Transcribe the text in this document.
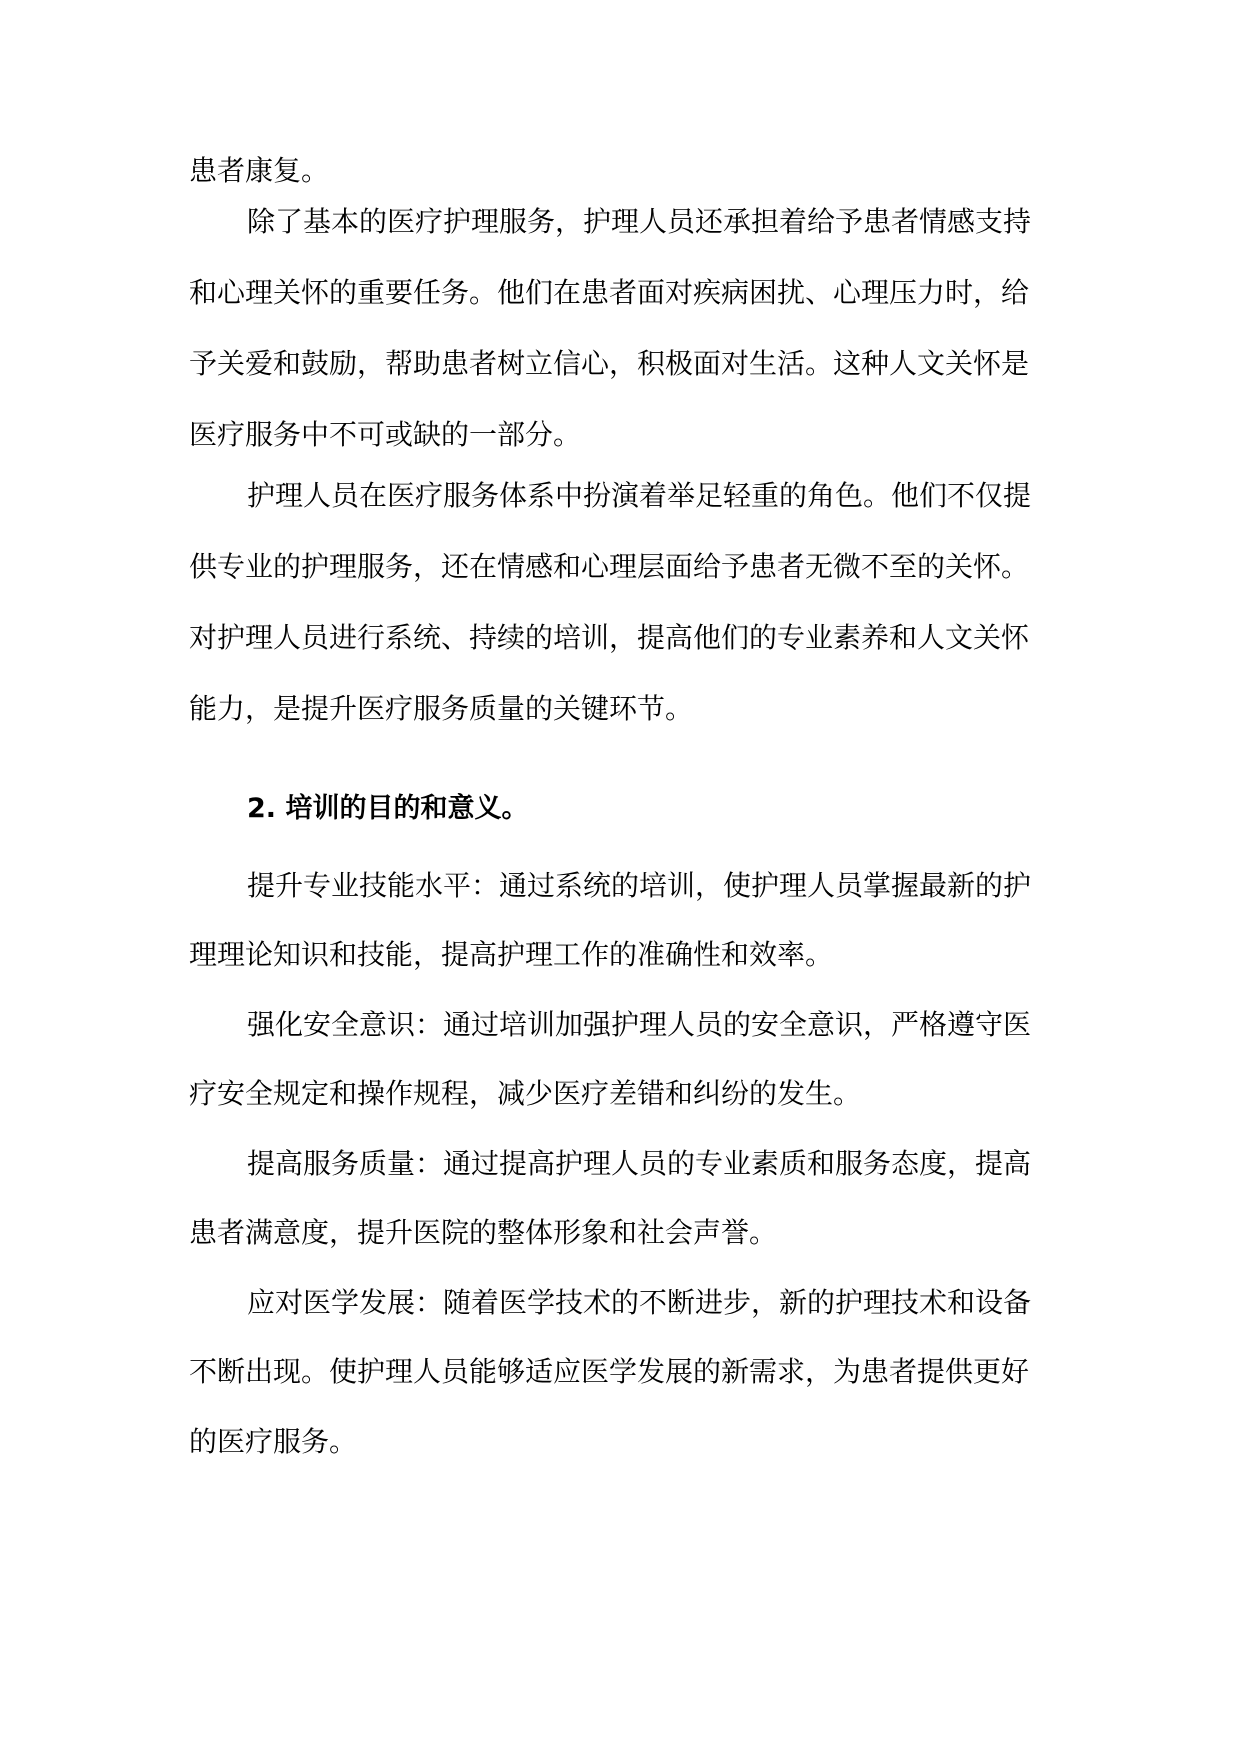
患者康复。
除了基本的医疗护理服务，护理人员还承担着给予患者情感支持
和心理关怀的重要任务。他们在患者面对疾病困扰、心理压力时，给
予关爱和鼓励，帮助患者树立信心，积极面对生活。这种人文关怀是
医疗服务中不可或缺的一部分。
护理人员在医疗服务体系中扮演着举足轻重的角色。他们不仅提
供专业的护理服务，还在情感和心理层面给予患者无微不至的关怀。
对护理人员进行系统、持续的培训，提高他们的专业素养和人文关怀
能力，是提升医疗服务质量的关键环节。
2. 培训的目的和意义。
提升专业技能水平：通过系统的培训，使护理人员掌握最新的护
理理论知识和技能，提高护理工作的准确性和效率。
强化安全意识：通过培训加强护理人员的安全意识，严格遵守医
疗安全规定和操作规程，减少医疗差错和纠纷的发生。
提高服务质量：通过提高护理人员的专业素质和服务态度，提高
患者满意度，提升医院的整体形象和社会声誉。
应对医学发展：随着医学技术的不断进步，新的护理技术和设备
不断出现。使护理人员能够适应医学发展的新需求，为患者提供更好
的医疗服务。
